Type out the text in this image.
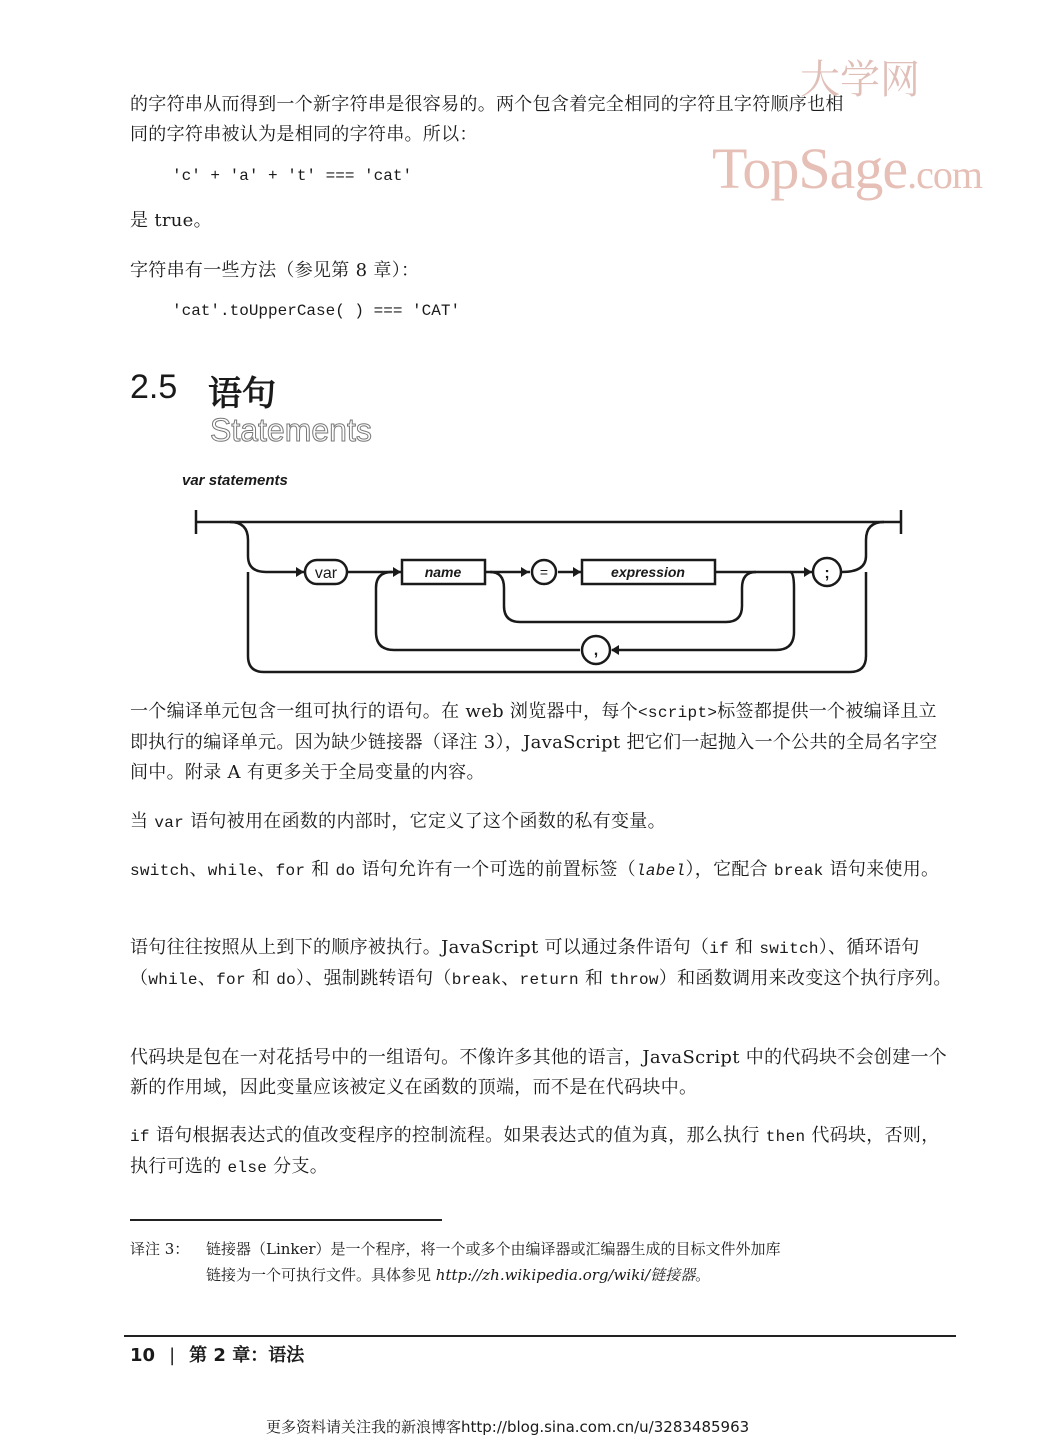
大学网
TopSage.com
的字符串从而得到一个新字符串是很容易的。两个包含着完全相同的字符且字符顺序也相
同的字符串被认为是相同的字符串。所以：
'c' + 'a' + 't' === 'cat'
是 true。
字符串有一些方法（参见第 8 章）：
'cat'.toUpperCase( ) === 'CAT'
2.5 语句
Statements
var statements
var	name	=	expression	;
,
一个编译单元包含一组可执行的语句。在 web 浏览器中，每个<script>标签都提供一个被编译且立即执行的编译单元。因为缺少链接器（译注 3），JavaScript 把它们一起抛入一个公共的全局名字空间中。附录 A 有更多关于全局变量的内容。
当 var 语句被用在函数的内部时，它定义了这个函数的私有变量。
switch、while、for 和 do 语句允许有一个可选的前置标签（label），它配合 break 语句来使用。
语句往往按照从上到下的顺序被执行。JavaScript 可以通过条件语句（if 和 switch）、循环语句（while、for 和 do）、强制跳转语句（break、return 和 throw）和函数调用来改变这个执行序列。
代码块是包在一对花括号中的一组语句。不像许多其他的语言，JavaScript 中的代码块不会创建一个新的作用域，因此变量应该被定义在函数的顶端，而不是在代码块中。
if 语句根据表达式的值改变程序的控制流程。如果表达式的值为真，那么执行 then 代码块，否则，执行可选的 else 分支。
译注 3： 链接器（Linker）是一个程序，将一个或多个由编译器或汇编器生成的目标文件外加库
链接为一个可执行文件。具体参见 http://zh.wikipedia.org/wiki/链接器。
10 | 第 2 章：语法
更多资料请关注我的新浪博客http://blog.sina.com.cn/u/3283485963
